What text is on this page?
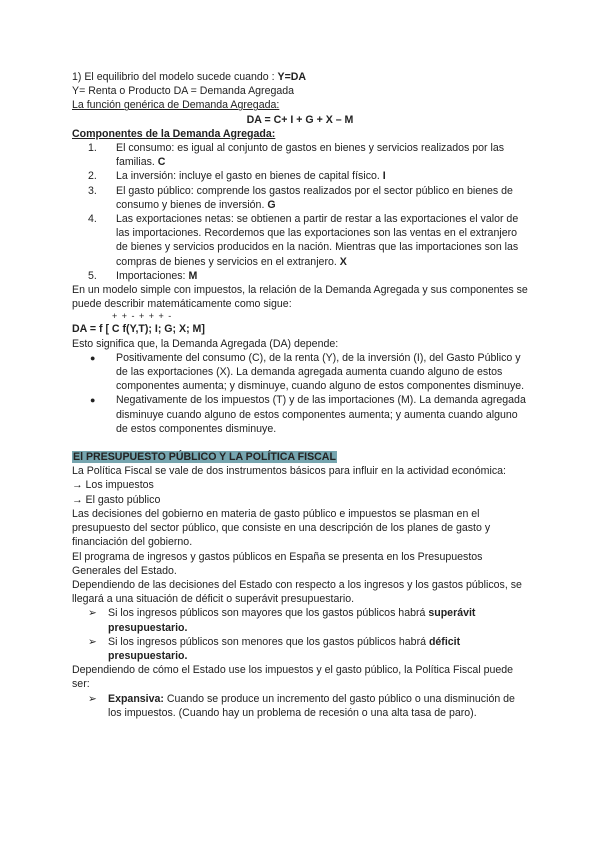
1) El equilibrio del modelo sucede cuando : Y=DA

Y= Renta o Producto DA = Demanda Agregada

La función genérica de Demanda Agregada:

DA = C+ I + G + X – M

Componentes de la Demanda Agregada:

1. El consumo: es igual al conjunto de gastos en bienes y servicios realizados por las familias. C
2. La inversión: incluye el gasto en bienes de capital físico. I
3. El gasto público: comprende los gastos realizados por el sector público en bienes de consumo y bienes de inversión. G
4. Las exportaciones netas: se obtienen a partir de restar a las exportaciones el valor de las importaciones. Recordemos que las exportaciones son las ventas en el extranjero de bienes y servicios producidos en la nación. Mientras que las importaciones son las compras de bienes y servicios en el extranjero. X
5. Importaciones: M

En un modelo simple con impuestos, la relación de la Demanda Agregada y sus componentes se puede describir matemáticamente como sigue:

+ + - + + + -

DA = f [ C f(Y,T); I; G; X; M]

Esto significa que, la Demanda Agregada (DA) depende:

● Positivamente del consumo (C), de la renta (Y), de la inversión (I), del Gasto Público y de las exportaciones (X). La demanda agregada aumenta cuando alguno de estos componentes aumenta; y disminuye, cuando alguno de estos componentes disminuye.
● Negativamente de los impuestos (T) y de las importaciones (M). La demanda agregada disminuye cuando alguno de estos componentes aumenta; y aumenta cuando alguno de estos componentes disminuye.

El PRESUPUESTO PÚBLICO Y LA POLÍTICA FISCAL

La Política Fiscal se vale de dos instrumentos básicos para influir en la actividad económica:

→ Los impuestos

→ El gasto público

Las decisiones del gobierno en materia de gasto público e impuestos se plasman en el presupuesto del sector público, que consiste en una descripción de los planes de gasto y financiación del gobierno.

El programa de ingresos y gastos públicos en España se presenta en los Presupuestos Generales del Estado.

Dependiendo de las decisiones del Estado con respecto a los ingresos y los gastos públicos, se llegará a una situación de déficit o superávit presupuestario.

➢ Si los ingresos públicos son mayores que los gastos públicos habrá superávit presupuestario.
➢ Si los ingresos públicos son menores que los gastos públicos habrá déficit presupuestario.

Dependiendo de cómo el Estado use los impuestos y el gasto público, la Política Fiscal puede ser:

➢ Expansiva: Cuando se produce un incremento del gasto público o una disminución de los impuestos. (Cuando hay un problema de recesión o una alta tasa de paro).
